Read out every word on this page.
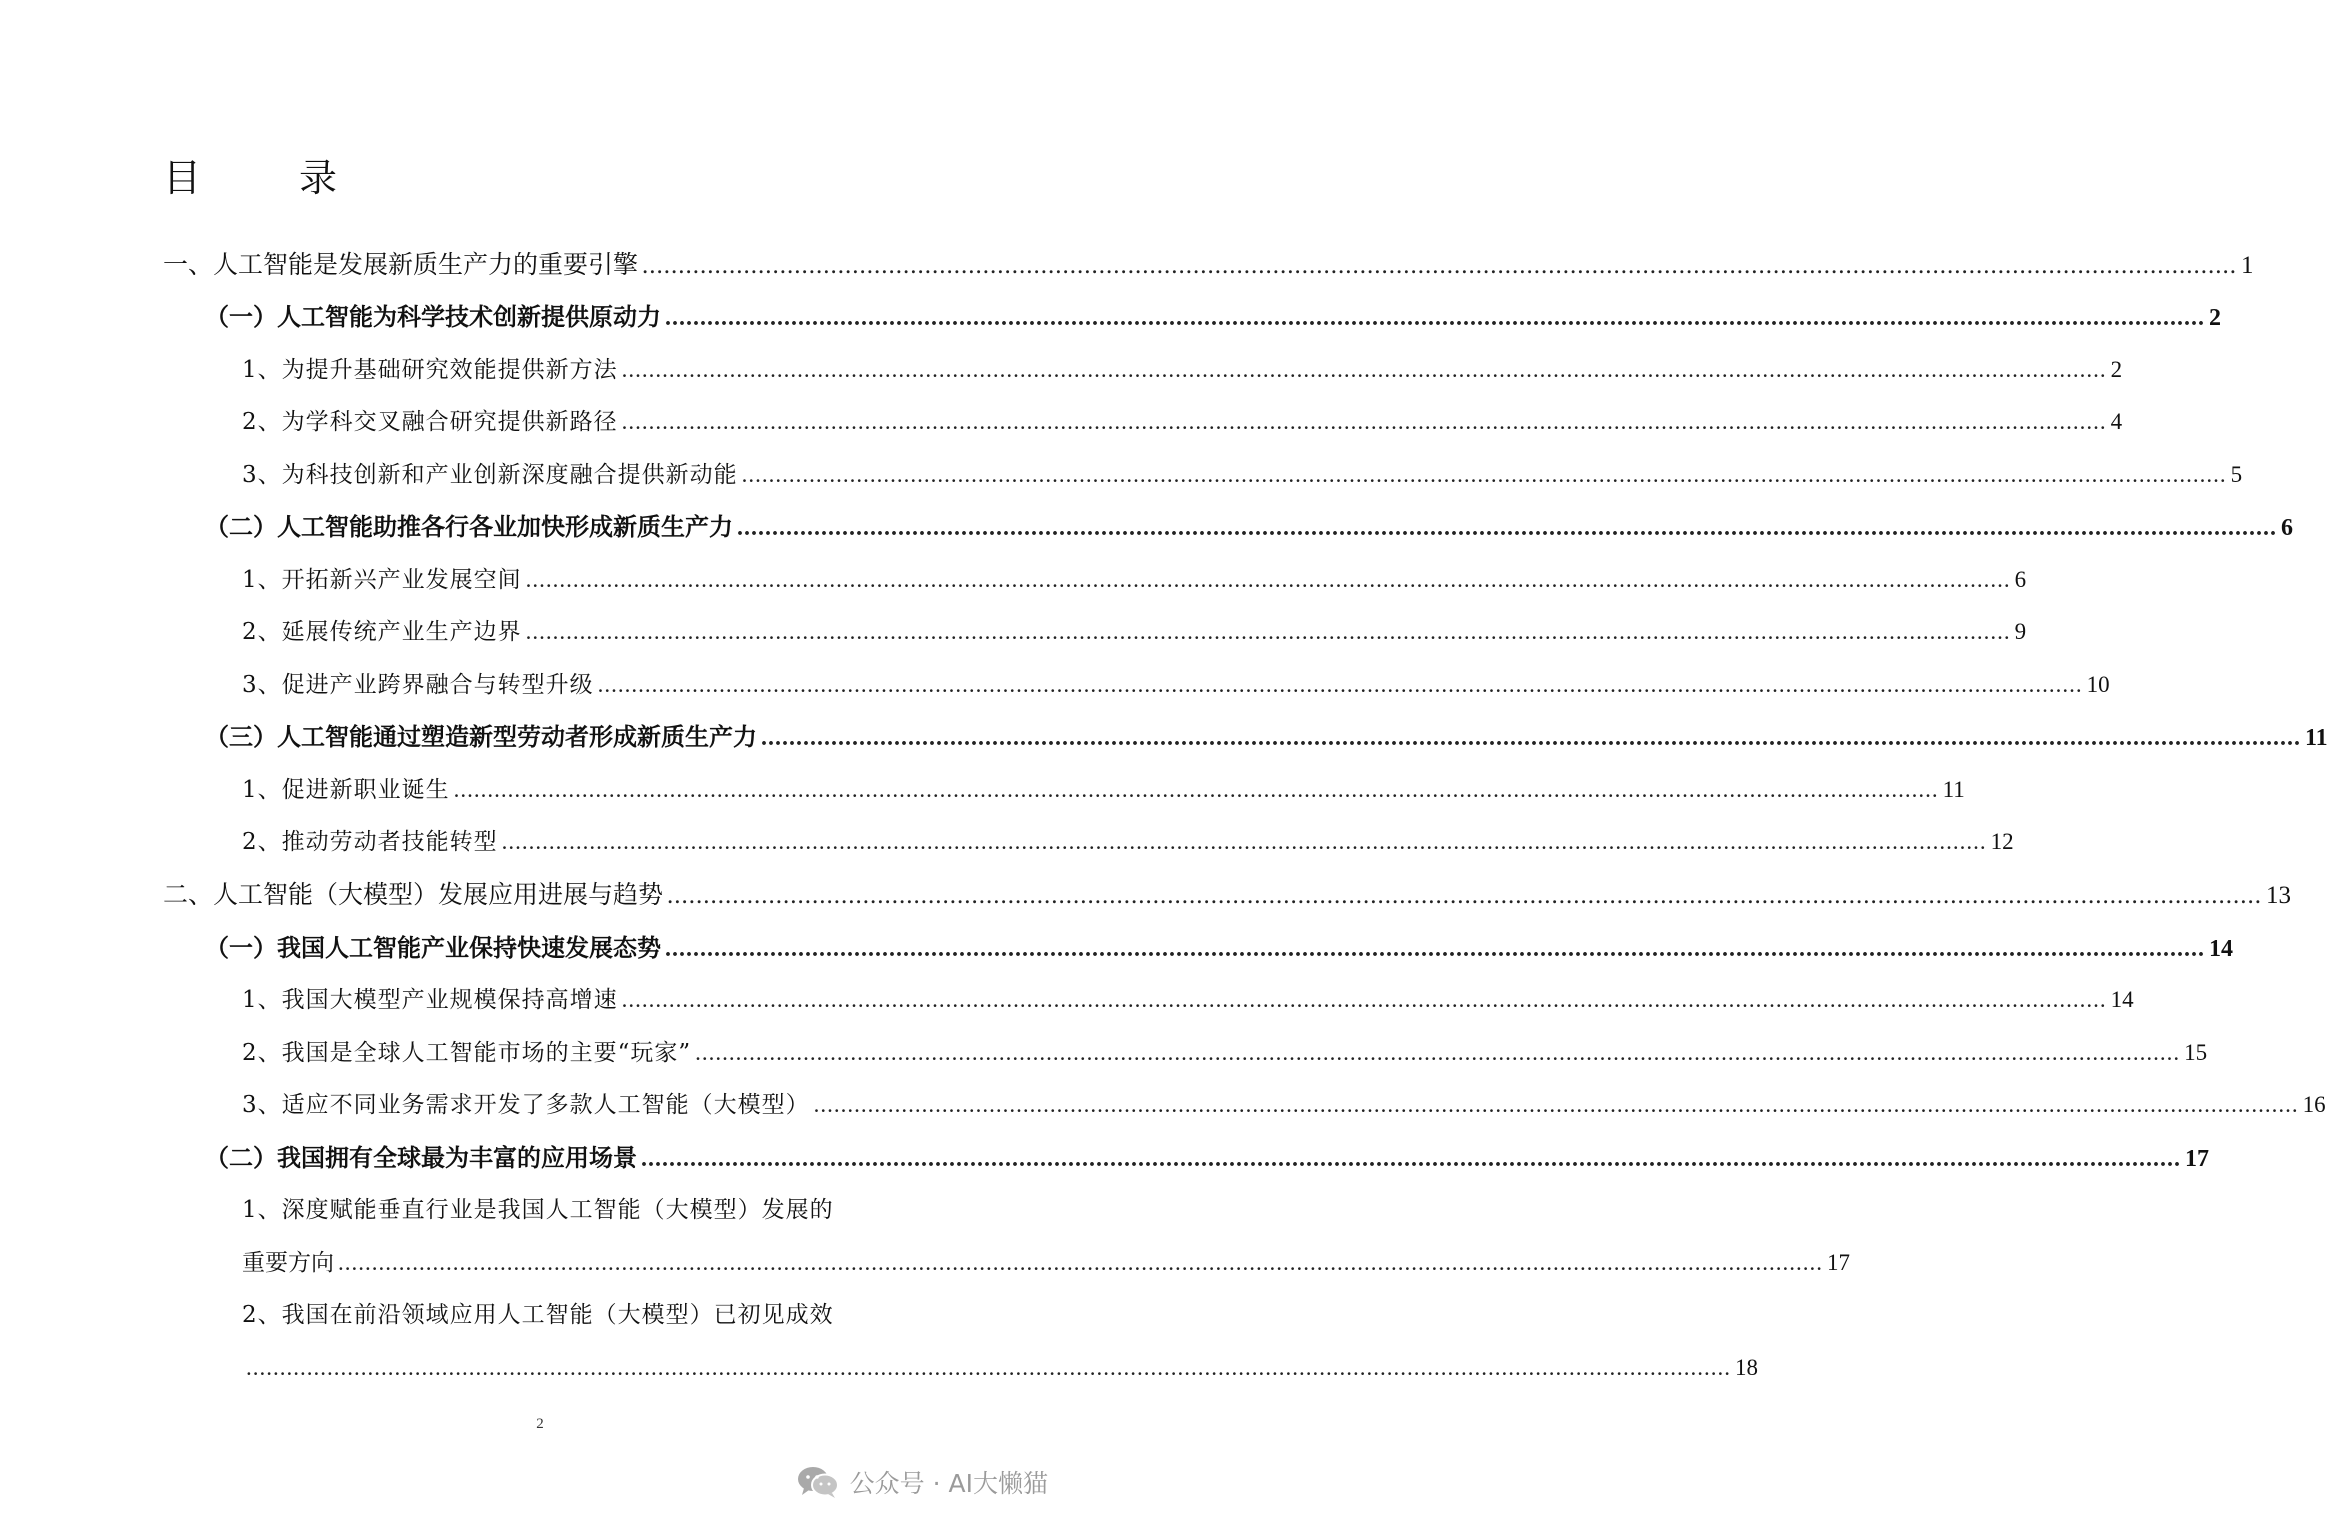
目　录
一、人工智能是发展新质生产力的重要引擎 ............................................................................................................................................................................................................................ 1
（一）人工智能为科学技术创新提供原动力 ............................................................................................................................................................................................................................ 2
1、为提升基础研究效能提供新方法 ............................................................................................................................................................................................................................ 2
2、为学科交叉融合研究提供新路径 ............................................................................................................................................................................................................................ 4
3、为科技创新和产业创新深度融合提供新动能 ............................................................................................................................................................................................................................ 5
（二）人工智能助推各行各业加快形成新质生产力 ............................................................................................................................................................................................................................ 6
1、开拓新兴产业发展空间 ............................................................................................................................................................................................................................ 6
2、延展传统产业生产边界 ............................................................................................................................................................................................................................ 9
3、促进产业跨界融合与转型升级 ............................................................................................................................................................................................................................ 10
（三）人工智能通过塑造新型劳动者形成新质生产力 ............................................................................................................................................................................................................................ 11
1、促进新职业诞生 ............................................................................................................................................................................................................................ 11
2、推动劳动者技能转型 ............................................................................................................................................................................................................................ 12
二、人工智能（大模型）发展应用进展与趋势 ............................................................................................................................................................................................................................ 13
（一）我国人工智能产业保持快速发展态势 ............................................................................................................................................................................................................................ 14
1、我国大模型产业规模保持高增速 ............................................................................................................................................................................................................................ 14
2、我国是全球人工智能市场的主要“玩家” ............................................................................................................................................................................................................................ 15
3、适应不同业务需求开发了多款人工智能（大模型） ............................................................................................................................................................................................................................ 16
（二）我国拥有全球最为丰富的应用场景 ............................................................................................................................................................................................................................ 17
1、深度赋能垂直行业是我国人工智能（大模型）发展的
重要方向 ............................................................................................................................................................................................................................ 17
2、我国在前沿领域应用人工智能（大模型）已初见成效
............................................................................................................................................................................................................................ 18
2
公众号 · AI大懒猫
